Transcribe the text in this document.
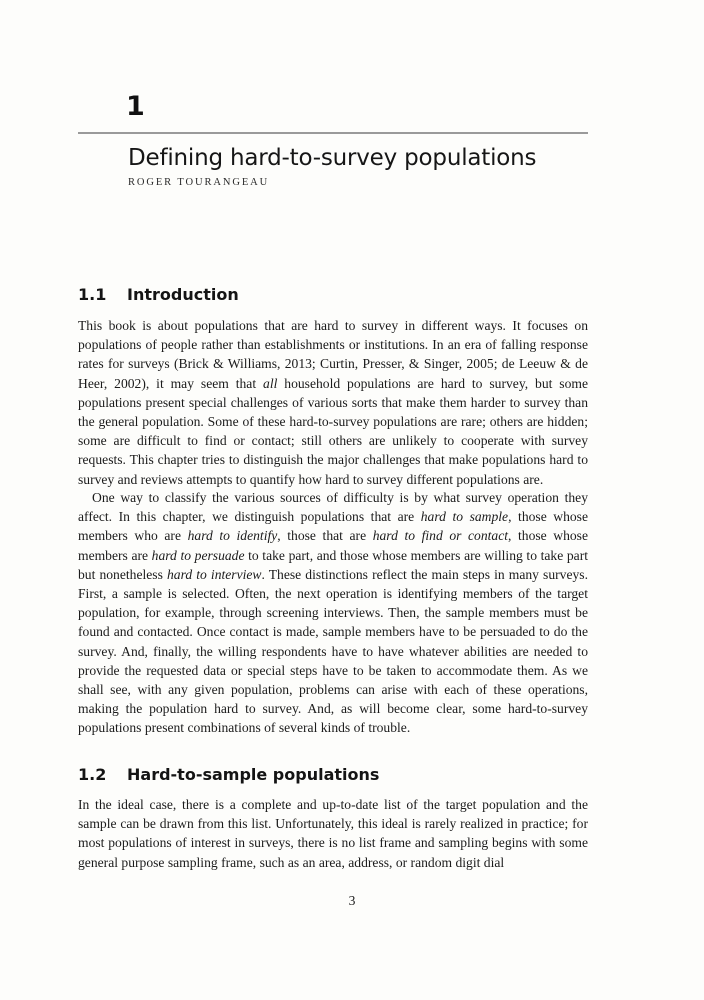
1
Defining hard-to-survey populations
ROGER TOURANGEAU
1.1 Introduction

This book is about populations that are hard to survey in different ways. It focuses on populations of people rather than establishments or institutions. In an era of falling response rates for surveys (Brick & Williams, 2013; Curtin, Presser, & Singer, 2005; de Leeuw & de Heer, 2002), it may seem that all household populations are hard to survey, but some populations present special challenges of various sorts that make them harder to survey than the general population. Some of these hard-to-survey populations are rare; others are hidden; some are difficult to find or contact; still others are unlikely to cooperate with survey requests. This chapter tries to distinguish the major challenges that make populations hard to survey and reviews attempts to quantify how hard to survey different populations are.

One way to classify the various sources of difficulty is by what survey operation they affect. In this chapter, we distinguish populations that are hard to sample, those whose members who are hard to identify, those that are hard to find or contact, those whose members are hard to persuade to take part, and those whose members are willing to take part but nonetheless hard to interview. These distinctions reflect the main steps in many surveys. First, a sample is selected. Often, the next operation is identifying members of the target population, for example, through screening interviews. Then, the sample members must be found and contacted. Once contact is made, sample members have to be persuaded to do the survey. And, finally, the willing respondents have to have whatever abilities are needed to provide the requested data or special steps have to be taken to accommodate them. As we shall see, with any given population, problems can arise with each of these operations, making the population hard to survey. And, as will become clear, some hard-to-survey populations present combinations of several kinds of trouble.

1.2 Hard-to-sample populations

In the ideal case, there is a complete and up-to-date list of the target population and the sample can be drawn from this list. Unfortunately, this ideal is rarely realized in practice; for most populations of interest in surveys, there is no list frame and sampling begins with some general purpose sampling frame, such as an area, address, or random digit dial

3
